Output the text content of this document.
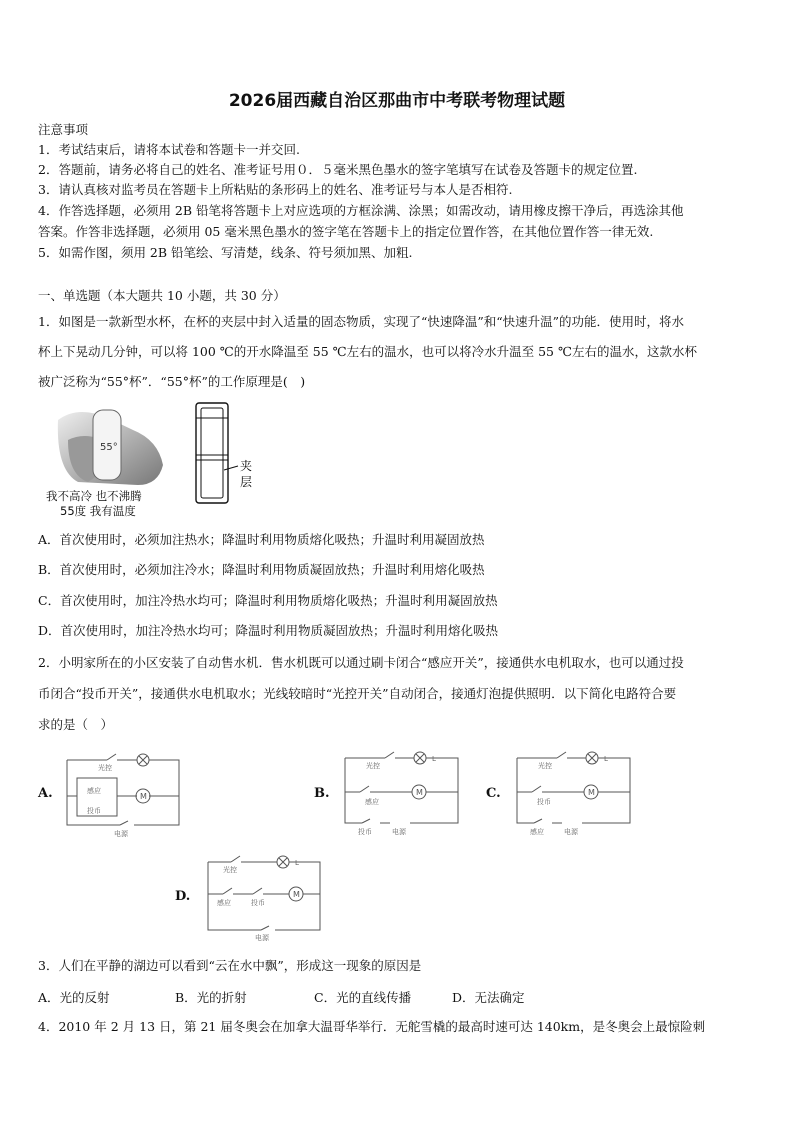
2026届西藏自治区那曲市中考联考物理试题
注意事项
1．考试结束后，请将本试卷和答题卡一并交回.
2．答题前，请务必将自己的姓名、准考证号用０．５毫米黑色墨水的签字笔填写在试卷及答题卡的规定位置.
3．请认真核对监考员在答题卡上所粘贴的条形码上的姓名、准考证号与本人是否相符.
4．作答选择题，必须用 2B 铅笔将答题卡上对应选项的方框涂满、涂黑；如需改动，请用橡皮擦干净后，再选涂其他
答案。作答非选择题，必须用 05 毫米黑色墨水的签字笔在答题卡上的指定位置作答，在其他位置作答一律无效.
5．如需作图，须用 2B 铅笔绘、写清楚，线条、符号须加黑、加粗.
一、单选题（本大题共 10 小题，共 30 分）
1．如图是一款新型水杯，在杯的夹层中封入适量的固态物质，实现了“快速降温”和“快速升温”的功能．使用时，将水
杯上下晃动几分钟，可以将 100 ℃的开水降温至 55 ℃左右的温水，也可以将冷水升温至 55 ℃左右的温水，这款水杯
被广泛称为“55°杯”．“55°杯”的工作原理是(　)
55°
我不高冷 也不沸腾
55度 我有温度
夹
层
A．首次使用时，必须加注热水；降温时利用物质熔化吸热；升温时利用凝固放热
B．首次使用时，必须加注冷水；降温时利用物质凝固放热；升温时利用熔化吸热
C．首次使用时，加注冷热水均可；降温时利用物质熔化吸热；升温时利用凝固放热
D．首次使用时，加注冷热水均可；降温时利用物质凝固放热；升温时利用熔化吸热
2．小明家所在的小区安装了自动售水机．售水机既可以通过刷卡闭合“感应开关”，接通供水电机取水，也可以通过投
币闭合“投币开关”，接通供水电机取水；光线较暗时“光控开关”自动闭合，接通灯泡提供照明．以下简化电路符合要
求的是（　）
A.	B.	C.
D.
光控
感应
投币
电源
M
光控
L
感应
投币	电源
M
光控
L
投币
感应	电源
M
光控
L
感应	投币
电源
M
3．人们在平静的湖边可以看到“云在水中飘”，形成这一现象的原因是
A．光的反射	B．光的折射	C．光的直线传播	D．无法确定
4．2010 年 2 月 13 日，第 21 届冬奥会在加拿大温哥华举行．无舵雪橇的最高时速可达 140km，是冬奥会上最惊险刺
